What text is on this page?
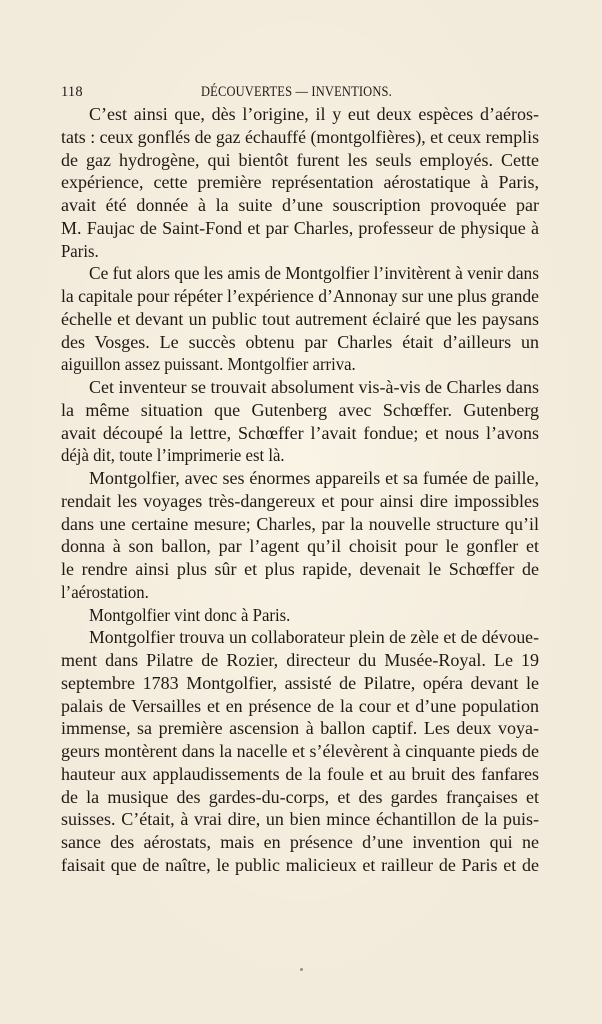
118	DÉCOUVERTES — INVENTIONS.
C’est ainsi que, dès l’origine, il y eut deux espèces d’aéros-
tats : ceux gonflés de gaz échauffé (montgolfières), et ceux remplis
de gaz hydrogène, qui bientôt furent les seuls employés. Cette
expérience, cette première représentation aérostatique à Paris,
avait été donnée à la suite d’une souscription provoquée par
M. Faujac de Saint-Fond et par Charles, professeur de physique à
Paris.
Ce fut alors que les amis de Montgolfier l’invitèrent à venir dans
la capitale pour répéter l’expérience d’Annonay sur une plus grande
échelle et devant un public tout autrement éclairé que les paysans
des Vosges. Le succès obtenu par Charles était d’ailleurs un
aiguillon assez puissant. Montgolfier arriva.
Cet inventeur se trouvait absolument vis-à-vis de Charles dans
la même situation que Gutenberg avec Schœffer. Gutenberg
avait découpé la lettre, Schœffer l’avait fondue; et nous l’avons
déjà dit, toute l’imprimerie est là.
Montgolfier, avec ses énormes appareils et sa fumée de paille,
rendait les voyages très-dangereux et pour ainsi dire impossibles
dans une certaine mesure; Charles, par la nouvelle structure qu’il
donna à son ballon, par l’agent qu’il choisit pour le gonfler et
le rendre ainsi plus sûr et plus rapide, devenait le Schœffer de
l’aérostation.
Montgolfier vint donc à Paris.
Montgolfier trouva un collaborateur plein de zèle et de dévoue-
ment dans Pilatre de Rozier, directeur du Musée-Royal. Le 19
septembre 1783 Montgolfier, assisté de Pilatre, opéra devant le
palais de Versailles et en présence de la cour et d’une population
immense, sa première ascension à ballon captif. Les deux voya-
geurs montèrent dans la nacelle et s’élevèrent à cinquante pieds de
hauteur aux applaudissements de la foule et au bruit des fanfares
de la musique des gardes-du-corps, et des gardes françaises et
suisses. C’était, à vrai dire, un bien mince échantillon de la puis-
sance des aérostats, mais en présence d’une invention qui ne
faisait que de naître, le public malicieux et railleur de Paris et de
